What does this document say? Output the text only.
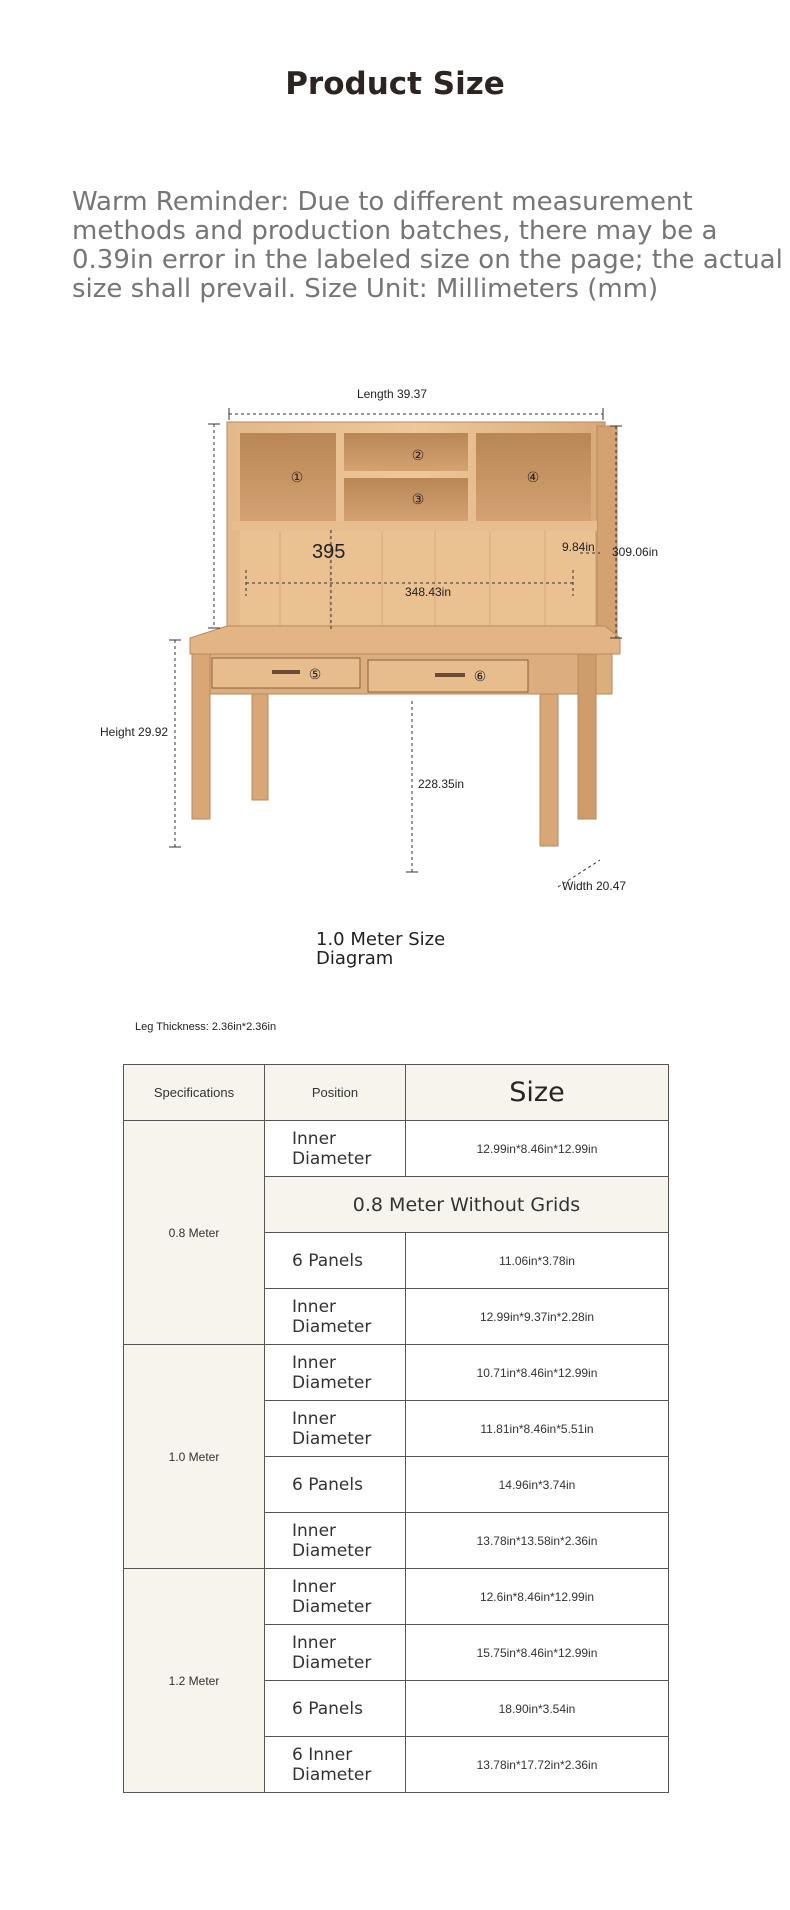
Product Size
Warm Reminder: Due to different measurement methods and production batches, there may be a 0.39in error in the labeled size on the page; the actual size shall prevail. Size Unit: Millimeters (mm)
①
②
③
④
⑤	⑥
Length 39.37
Height 29.92
Width 20.47
309.06in
9.84in
348.43in
228.35in
395
1.0 Meter Size Diagram
Leg Thickness: 2.36in*2.36in
Specifications	Position	Size
0.8 Meter	Inner Diameter	12.99in*8.46in*12.99in
	0.8 Meter Without Grids	
	6 Panels	11.06in*3.78in
	Inner Diameter	12.99in*9.37in*2.28in
1.0 Meter	Inner Diameter	10.71in*8.46in*12.99in
	Inner Diameter	11.81in*8.46in*5.51in
	6 Panels	14.96in*3.74in
	Inner Diameter	13.78in*13.58in*2.36in
1.2 Meter	Inner Diameter	12.6in*8.46in*12.99in
	Inner Diameter	15.75in*8.46in*12.99in
	6 Panels	18.90in*3.54in
	6 Inner Diameter	13.78in*17.72in*2.36in
